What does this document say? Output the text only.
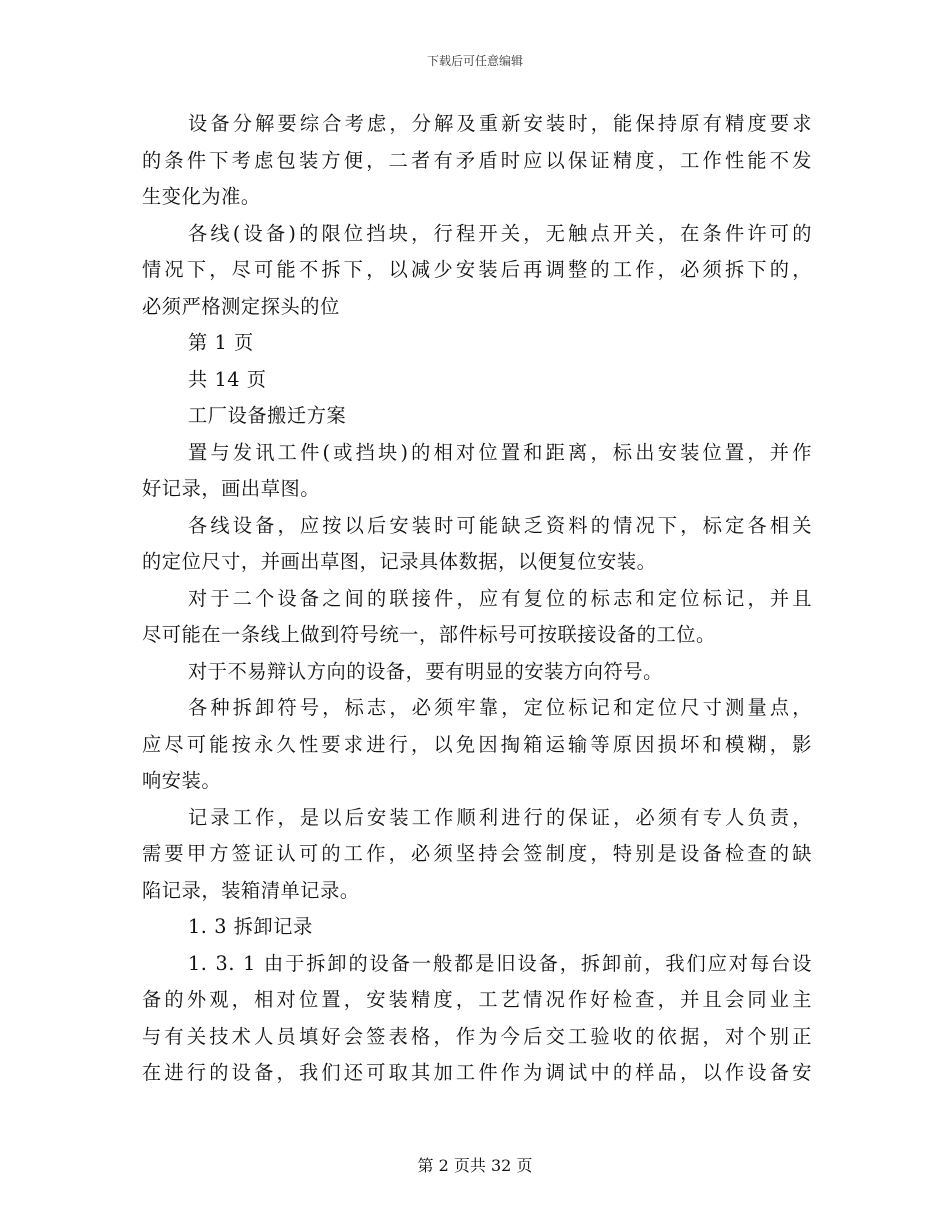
下载后可任意编辑
设备分解要综合考虑，分解及重新安装时，能保持原有精度要求
的条件下考虑包装方便，二者有矛盾时应以保证精度，工作性能不发
生变化为准。
各线(设备)的限位挡块，行程开关，无触点开关，在条件许可的
情况下，尽可能不拆下，以减少安装后再调整的工作，必须拆下的，
必须严格测定探头的位
第 1 页
共 14 页
工厂设备搬迁方案
置与发讯工件(或挡块)的相对位置和距离，标出安装位置，并作
好记录，画出草图。
各线设备，应按以后安装时可能缺乏资料的情况下，标定各相关
的定位尺寸，并画出草图，记录具体数据，以便复位安装。
对于二个设备之间的联接件，应有复位的标志和定位标记，并且
尽可能在一条线上做到符号统一，部件标号可按联接设备的工位。
对于不易辩认方向的设备，要有明显的安装方向符号。
各种拆卸符号，标志，必须牢靠，定位标记和定位尺寸测量点，
应尽可能按永久性要求进行，以免因掏箱运输等原因损坏和模糊，影
响安装。
记录工作，是以后安装工作顺利进行的保证，必须有专人负责，
需要甲方签证认可的工作，必须坚持会签制度，特别是设备检查的缺
陷记录，装箱清单记录。
1. 3 拆卸记录
1. 3. 1 由于拆卸的设备一般都是旧设备，拆卸前，我们应对每台设
备的外观，相对位置，安装精度，工艺情况作好检查，并且会同业主
与有关技术人员填好会签表格，作为今后交工验收的依据，对个别正
在进行的设备，我们还可取其加工件作为调试中的样品，以作设备安
第 2 页共 32 页
